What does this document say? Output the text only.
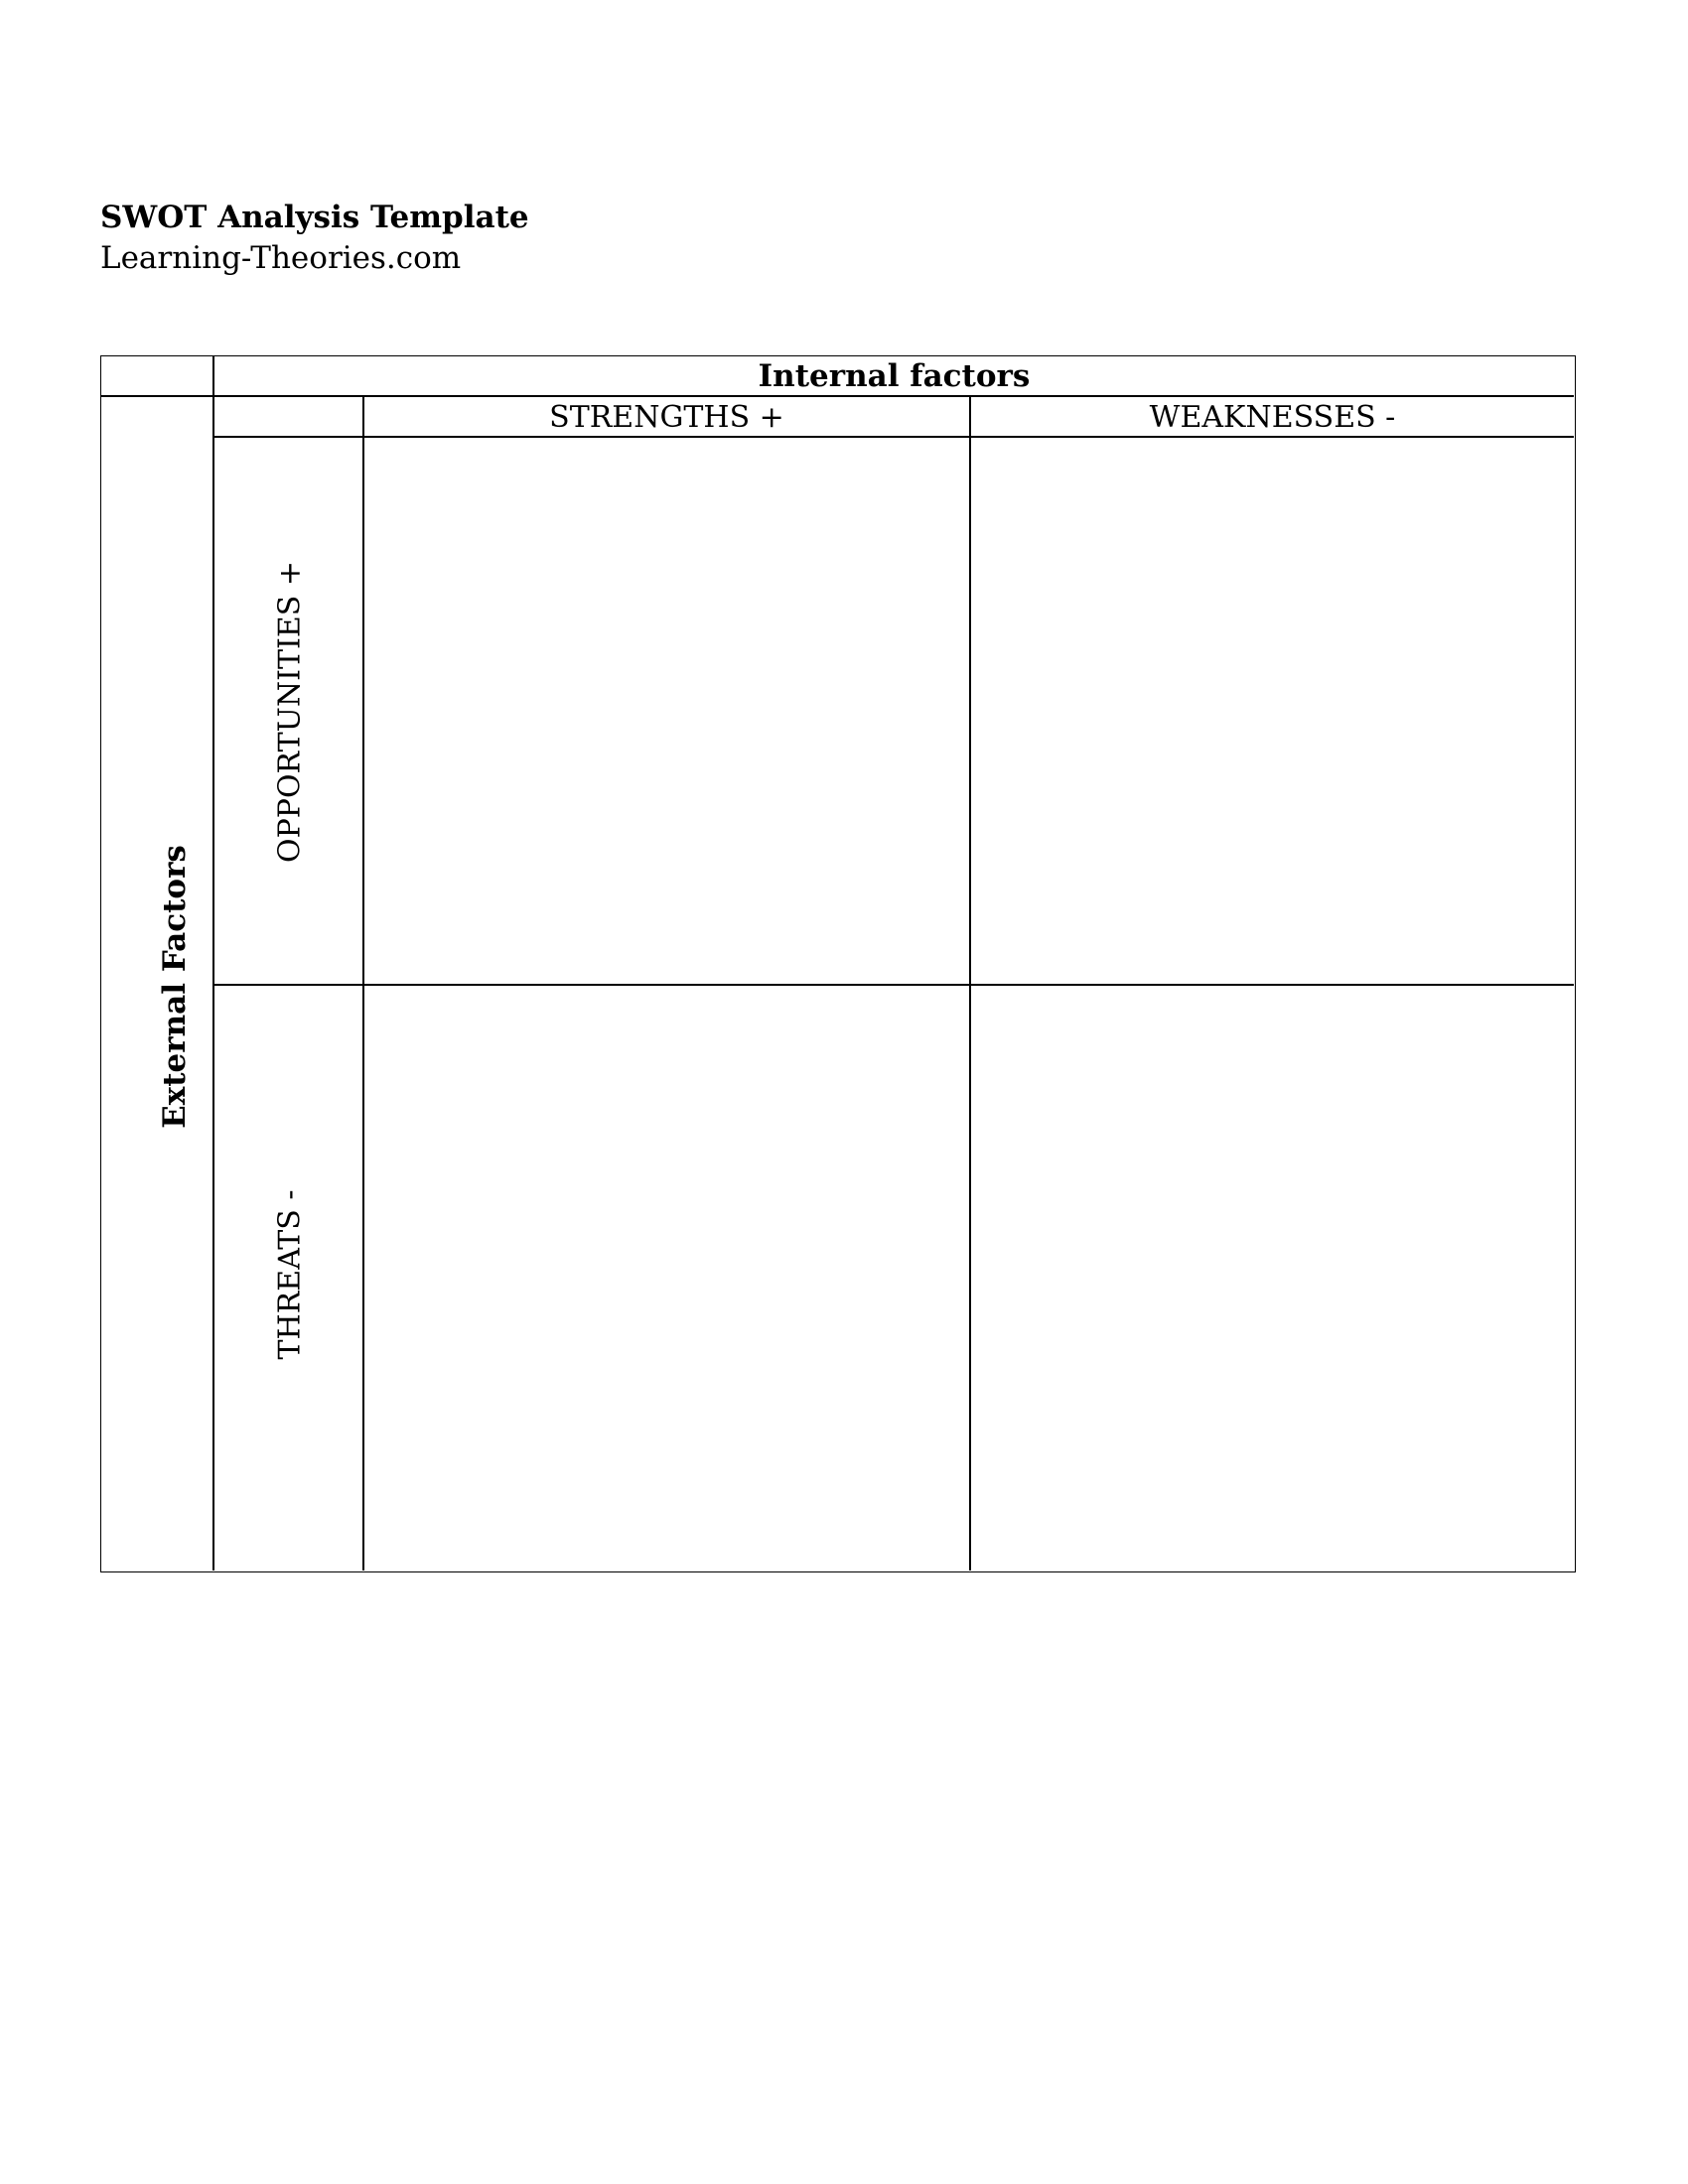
SWOT Analysis Template
Learning-Theories.com
Internal factors
STRENGTHS +	WEAKNESSES -
External Factors
OPPORTUNITIES +
THREATS -
